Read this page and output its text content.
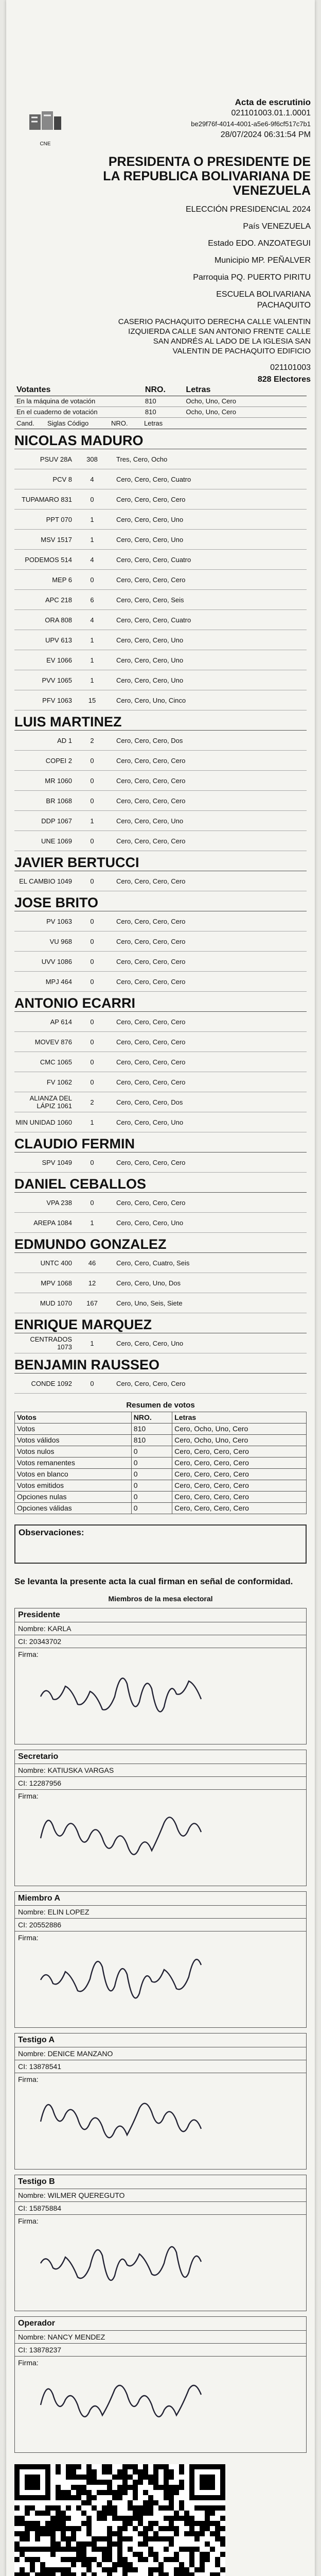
CNE
Acta de escrutinio
021101003.01.1.0001
be29f76f-4014-4001-a5e6-9f6cf517c7b1
28/07/2024 06:31:54 PM
PRESIDENTA O PRESIDENTE DE LA REPUBLICA BOLIVARIANA DE VENEZUELA
ELECCIÓN PRESIDENCIAL 2024
País VENEZUELA
Estado EDO. ANZOATEGUI
Municipio MP. PEÑALVER
Parroquia PQ. PUERTO PIRITU
ESCUELA BOLIVARIANA PACHAQUITO
CASERIO PACHAQUITO DERECHA CALLE VALENTIN IZQUIERDA CALLE SAN ANTONIO FRENTE CALLE SAN ANDRÉS AL LADO DE LA IGLESIA SAN VALENTIN DE PACHAQUITO EDIFICIO
021101003
828 Electores
Votantes	NRO.	Letras
En la máquina de votación	810	Ocho, Uno, Cero
En el cuaderno de votación	810	Ocho, Uno, Cero
Cand.	Siglas Código	NRO.	Letras
NICOLAS MADURO
PSUV 28A	308	Tres, Cero, Ocho
PCV 8	4	Cero, Cero, Cero, Cuatro
TUPAMARO 831	0	Cero, Cero, Cero, Cero
PPT 070	1	Cero, Cero, Cero, Uno
MSV 1517	1	Cero, Cero, Cero, Uno
PODEMOS 514	4	Cero, Cero, Cero, Cuatro
MEP 6	0	Cero, Cero, Cero, Cero
APC 218	6	Cero, Cero, Cero, Seis
ORA 808	4	Cero, Cero, Cero, Cuatro
UPV 613	1	Cero, Cero, Cero, Uno
EV 1066	1	Cero, Cero, Cero, Uno
PVV 1065	1	Cero, Cero, Cero, Uno
PFV 1063	15	Cero, Cero, Uno, Cinco
LUIS MARTINEZ
AD 1	2	Cero, Cero, Cero, Dos
COPEI 2	0	Cero, Cero, Cero, Cero
MR 1060	0	Cero, Cero, Cero, Cero
BR 1068	0	Cero, Cero, Cero, Cero
DDP 1067	1	Cero, Cero, Cero, Uno
UNE 1069	0	Cero, Cero, Cero, Cero
JAVIER BERTUCCI
EL CAMBIO 1049	0	Cero, Cero, Cero, Cero
JOSE BRITO
PV 1063	0	Cero, Cero, Cero, Cero
VU 968	0	Cero, Cero, Cero, Cero
UVV 1086	0	Cero, Cero, Cero, Cero
MPJ 464	0	Cero, Cero, Cero, Cero
ANTONIO ECARRI
AP 614	0	Cero, Cero, Cero, Cero
MOVEV 876	0	Cero, Cero, Cero, Cero
CMC 1065	0	Cero, Cero, Cero, Cero
FV 1062	0	Cero, Cero, Cero, Cero
ALIANZA DEL LÁPIZ 1061	2	Cero, Cero, Cero, Dos
MIN UNIDAD 1060	1	Cero, Cero, Cero, Uno
CLAUDIO FERMIN
SPV 1049	0	Cero, Cero, Cero, Cero
DANIEL CEBALLOS
VPA 238	0	Cero, Cero, Cero, Cero
AREPA 1084	1	Cero, Cero, Cero, Uno
EDMUNDO GONZALEZ
UNTC 400	46	Cero, Cero, Cuatro, Seis
MPV 1068	12	Cero, Cero, Uno, Dos
MUD 1070	167	Cero, Uno, Seis, Siete
ENRIQUE MARQUEZ
CENTRADOS 1073	1	Cero, Cero, Cero, Uno
BENJAMIN RAUSSEO
CONDE 1092	0	Cero, Cero, Cero, Cero
Resumen de votos
Votos	NRO.	Letras
Votos	810	Cero, Ocho, Uno, Cero
Votos válidos	810	Cero, Ocho, Uno, Cero
Votos nulos	0	Cero, Cero, Cero, Cero
Votos remanentes	0	Cero, Cero, Cero, Cero
Votos en blanco	0	Cero, Cero, Cero, Cero
Votos emitidos	0	Cero, Cero, Cero, Cero
Opciones nulas	0	Cero, Cero, Cero, Cero
Opciones válidas	0	Cero, Cero, Cero, Cero
Observaciones:
Se levanta la presente acta la cual firman en señal de conformidad.
Miembros de la mesa electoral
Presidente
Nombre: KARLA
CI: 20343702
Firma:
Secretario
Nombre: KATIUSKA VARGAS
CI: 12287956
Firma:
Miembro A
Nombre: ELIN LOPEZ
CI: 20552886
Firma:
Testigo A
Nombre: DENICE MANZANO
CI: 13878541
Firma:
Testigo B
Nombre: WILMER QUEREGUTO
CI: 15875884
Firma:
Operador
Nombre: NANCY MENDEZ
CI: 13878237
Firma:
